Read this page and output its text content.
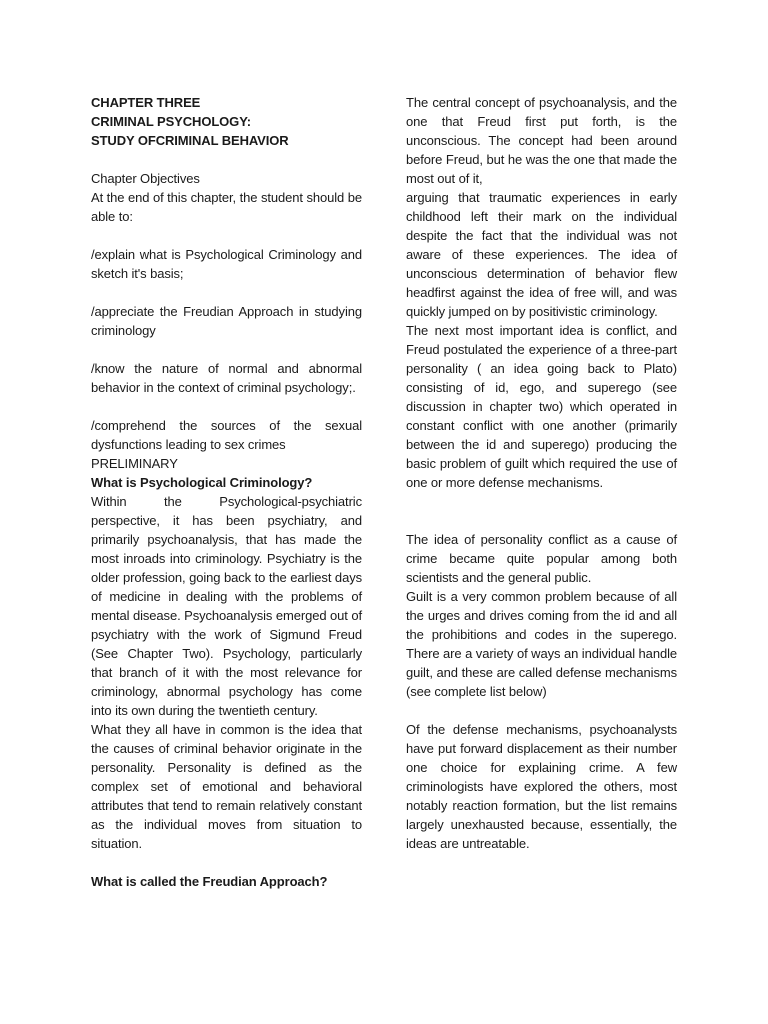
CHAPTER THREE

CRIMINAL PSYCHOLOGY:

STUDY OFCRIMINAL BEHAVIOR

Chapter Objectives

At the end of this chapter, the student should be able to:

/explain what is Psychological Criminology and sketch it's basis;

/appreciate the Freudian Approach in studying criminology

/know the nature of normal and abnormal behavior in the context of criminal psychology;.

/comprehend the sources of the sexual dysfunctions leading to sex crimes

PRELIMINARY

What is Psychological Criminology?

Within the Psychological-psychiatric perspective, it has been psychiatry, and primarily psychoanalysis, that has made the most inroads into criminology. Psychiatry is the older profession, going back to the earliest days of medicine in dealing with the problems of mental disease. Psychoanalysis emerged out of psychiatry with the work of Sigmund Freud (See Chapter Two). Psychology, particularly that branch of it with the most relevance for criminology, abnormal psychology has come into its own during the twentieth century.

What they all have in common is the idea that the causes of criminal behavior originate in the personality. Personality is defined as the complex set of emotional and behavioral attributes that tend to remain relatively constant as the individual moves from situation to situation.

What is called the Freudian Approach?

The central concept of psychoanalysis, and the one that Freud first put forth, is the unconscious. The concept had been around before Freud, but he was the one that made the most out of it,

arguing that traumatic experiences in early childhood left their mark on the individual despite the fact that the individual was not aware of these experiences. The idea of unconscious determination of behavior flew headfirst against the idea of free will, and was quickly jumped on by positivistic criminology.

The next most important idea is conflict, and Freud postulated the experience of a three-part personality ( an idea going back to Plato) consisting of id, ego, and superego (see discussion in chapter two) which operated in constant conflict with one another (primarily between the id and superego) producing the basic problem of guilt which required the use of one or more defense mechanisms.

The idea of personality conflict as a cause of crime became quite popular among both scientists and the general public.

Guilt is a very common problem because of all the urges and drives coming from the id and all the prohibitions and codes in the superego. There are a variety of ways an individual handle guilt, and these are called defense mechanisms (see complete list below)

Of the defense mechanisms, psychoanalysts have put forward displacement as their number one choice for explaining crime. A few criminologists have explored the others, most notably reaction formation, but the list remains largely unexhausted because, essentially, the ideas are untreatable.
